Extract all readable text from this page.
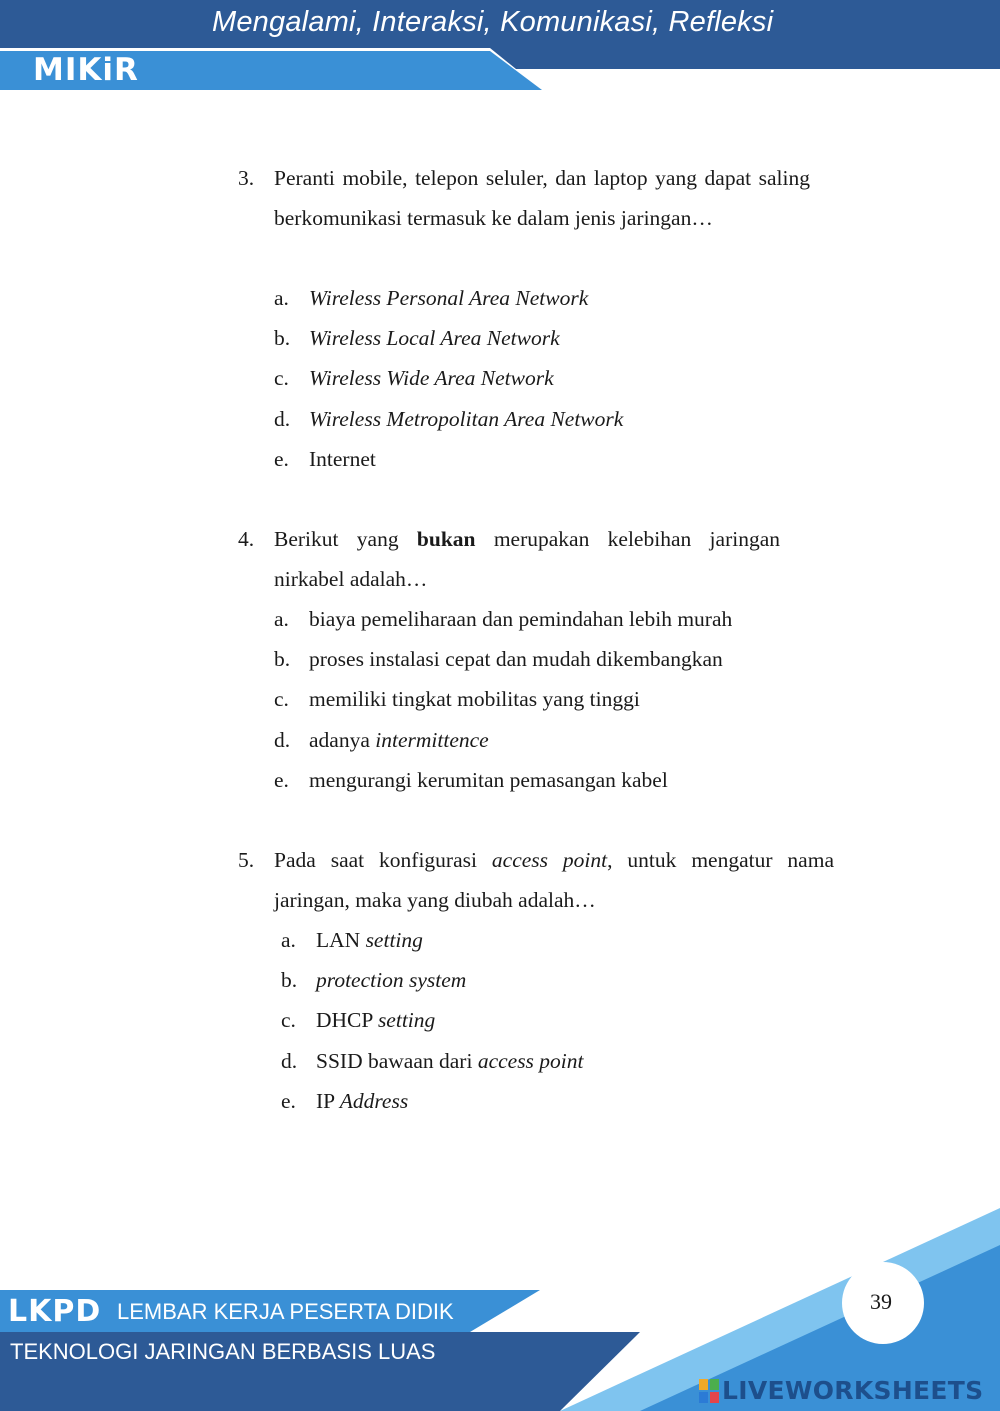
Mengalami, Interaksi, Komunikasi, Refleksi
MIKiR
3. Peranti mobile, telepon seluler, dan laptop yang dapat saling berkomunikasi termasuk ke dalam jenis jaringan…

a. Wireless Personal Area Network
b. Wireless Local Area Network
c. Wireless Wide Area Network
d. Wireless Metropolitan Area Network
e. Internet
4. Berikut yang bukan merupakan kelebihan jaringan nirkabel adalah…

a. biaya pemeliharaan dan pemindahan lebih murah
b. proses instalasi cepat dan mudah dikembangkan
c. memiliki tingkat mobilitas yang tinggi
d. adanya intermittence
e. mengurangi kerumitan pemasangan kabel
5. Pada saat konfigurasi access point, untuk mengatur nama jaringan, maka yang diubah adalah…

a. LAN setting
b. protection system
c. DHCP setting
d. SSID bawaan dari access point
e. IP Address
LKPD LEMBAR KERJA PESERTA DIDIK
TEKNOLOGI JARINGAN BERBASIS LUAS
39
LIVEWORKSHEETS
